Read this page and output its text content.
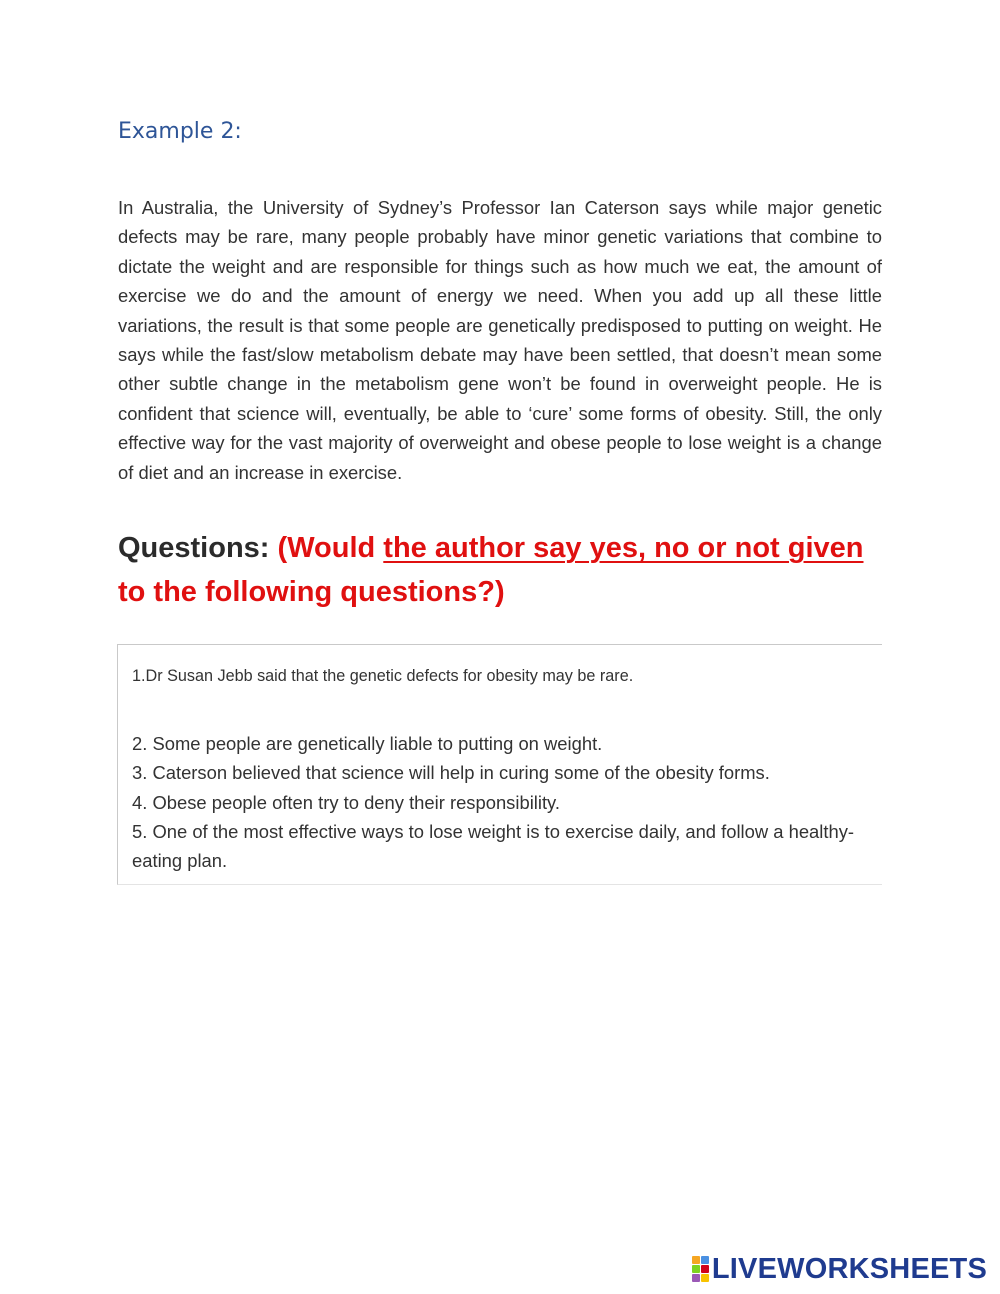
Example 2:

In Australia, the University of Sydney’s Professor Ian Caterson says while major genetic defects may be rare, many people probably have minor genetic variations that combine to dictate the weight and are responsible for things such as how much we eat, the amount of exercise we do and the amount of energy we need. When you add up all these little variations, the result is that some people are genetically predisposed to putting on weight. He says while the fast/slow metabolism debate may have been settled, that doesn’t mean some other subtle change in the metabolism gene won’t be found in overweight people. He is confident that science will, eventually, be able to ‘cure’ some forms of obesity. Still, the only effective way for the vast majority of overweight and obese people to lose weight is a change of diet and an increase in exercise.

Questions: (Would the author say yes, no or not given to the following questions?)

1.Dr Susan Jebb said that the genetic defects for obesity may be rare.

2. Some people are genetically liable to putting on weight.
3. Caterson believed that science will help in curing some of the obesity forms.
4. Obese people often try to deny their responsibility.
5. One of the most effective ways to lose weight is to exercise daily, and follow a healthy-eating plan.
LIVEWORKSHEETS
